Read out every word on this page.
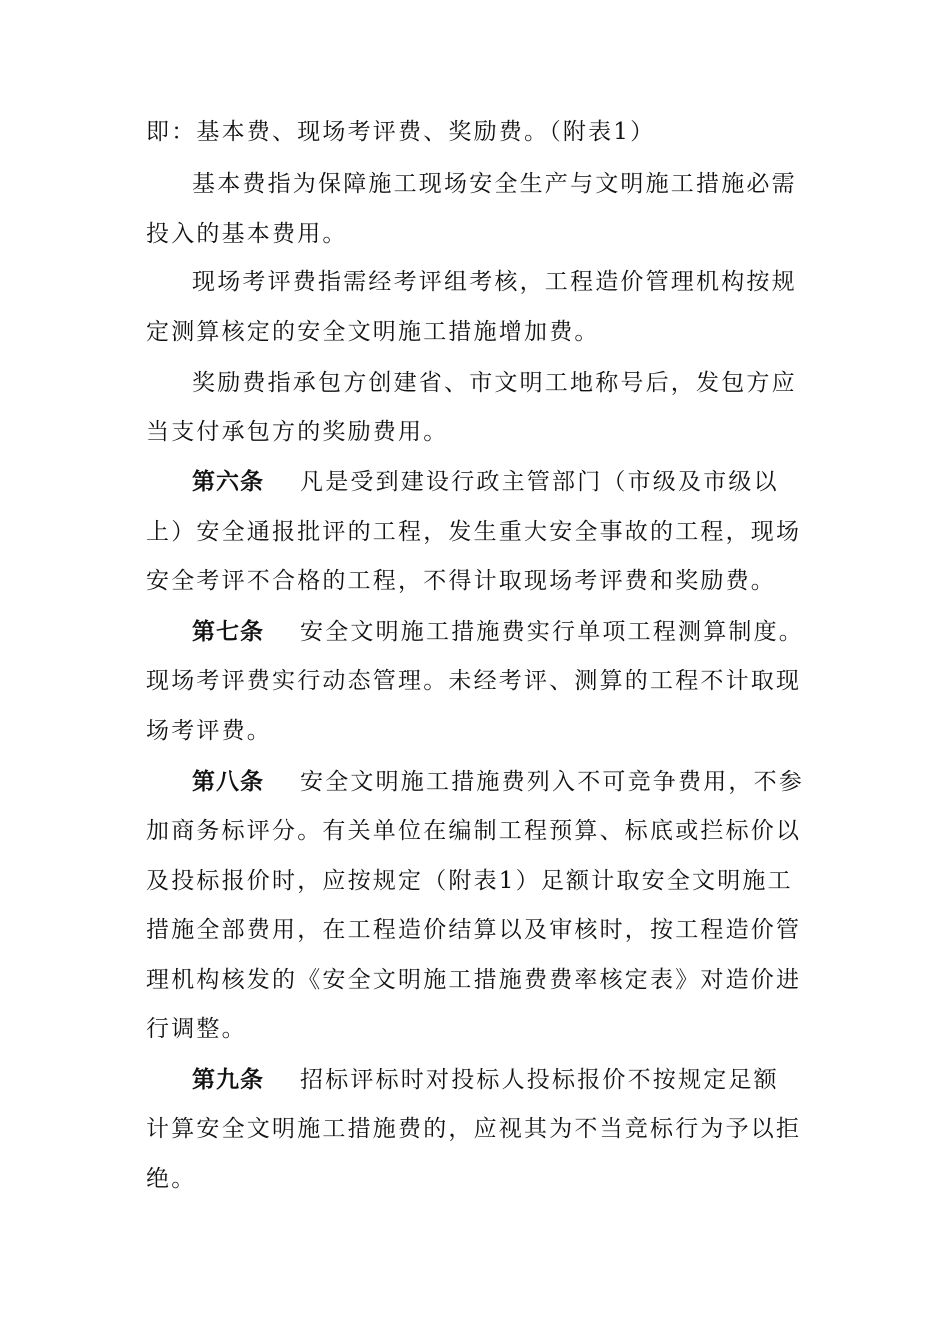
即：基本费、现场考评费、奖励费。（附表1）
基本费指为保障施工现场安全生产与文明施工措施必需
投入的基本费用。
现场考评费指需经考评组考核，工程造价管理机构按规
定测算核定的安全文明施工措施增加费。
奖励费指承包方创建省、市文明工地称号后，发包方应
当支付承包方的奖励费用。
第六条 凡是受到建设行政主管部门（市级及市级以
上）安全通报批评的工程，发生重大安全事故的工程，现场
安全考评不合格的工程，不得计取现场考评费和奖励费。
第七条 安全文明施工措施费实行单项工程测算制度。
现场考评费实行动态管理。未经考评、测算的工程不计取现
场考评费。
第八条 安全文明施工措施费列入不可竞争费用，不参
加商务标评分。有关单位在编制工程预算、标底或拦标价以
及投标报价时，应按规定（附表1）足额计取安全文明施工
措施全部费用，在工程造价结算以及审核时，按工程造价管
理机构核发的《安全文明施工措施费费率核定表》对造价进
行调整。
第九条 招标评标时对投标人投标报价不按规定足额
计算安全文明施工措施费的，应视其为不当竞标行为予以拒
绝。
